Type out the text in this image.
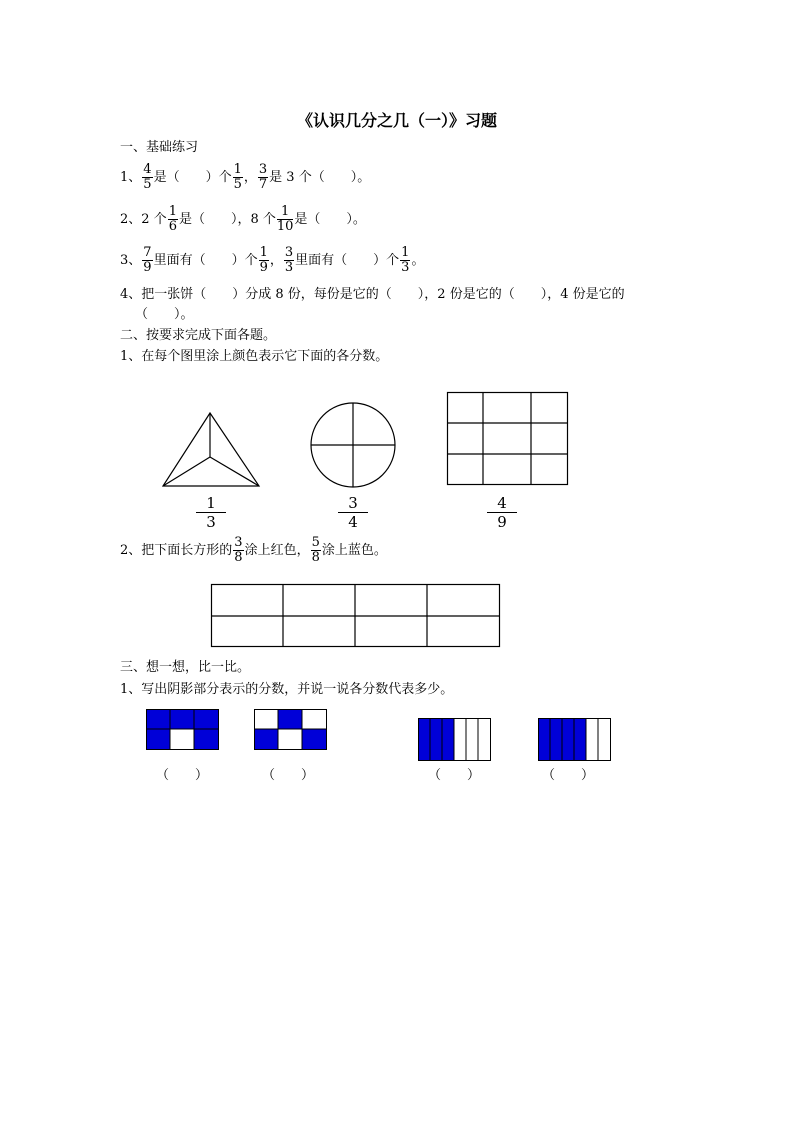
《认识几分之几（一）》习题
一、基础练习
1、 $\frac{4}{5}$ 是（　　）个 $\frac{1}{5}$ ， $\frac{3}{7}$ 是 3 个（　　）。
2、2 个 $\frac{1}{6}$ 是（　　），8 个 $\frac{1}{10}$ 是（　　）。
3、 $\frac{7}{9}$ 里面有（　　）个 $\frac{1}{9}$ ， $\frac{3}{3}$ 里面有（　　）个 $\frac{1}{3}$ 。
4、把一张饼（　　）分成 8 份，每份是它的（　　），2 份是它的（　　），4 份是它的
（　　）。
二、按要求完成下面各题。
1、在每个图里涂上颜色表示它下面的各分数。
$\frac{1}{3}$	$\frac{3}{4}$	$\frac{4}{9}$
2、把下面长方形的 $\frac{3}{8}$ 涂上红色， $\frac{5}{8}$ 涂上蓝色。
三、想一想，比一比。
1、写出阴影部分表示的分数，并说一说各分数代表多少。
（　　）	（　　）	（　　）	（　　）
